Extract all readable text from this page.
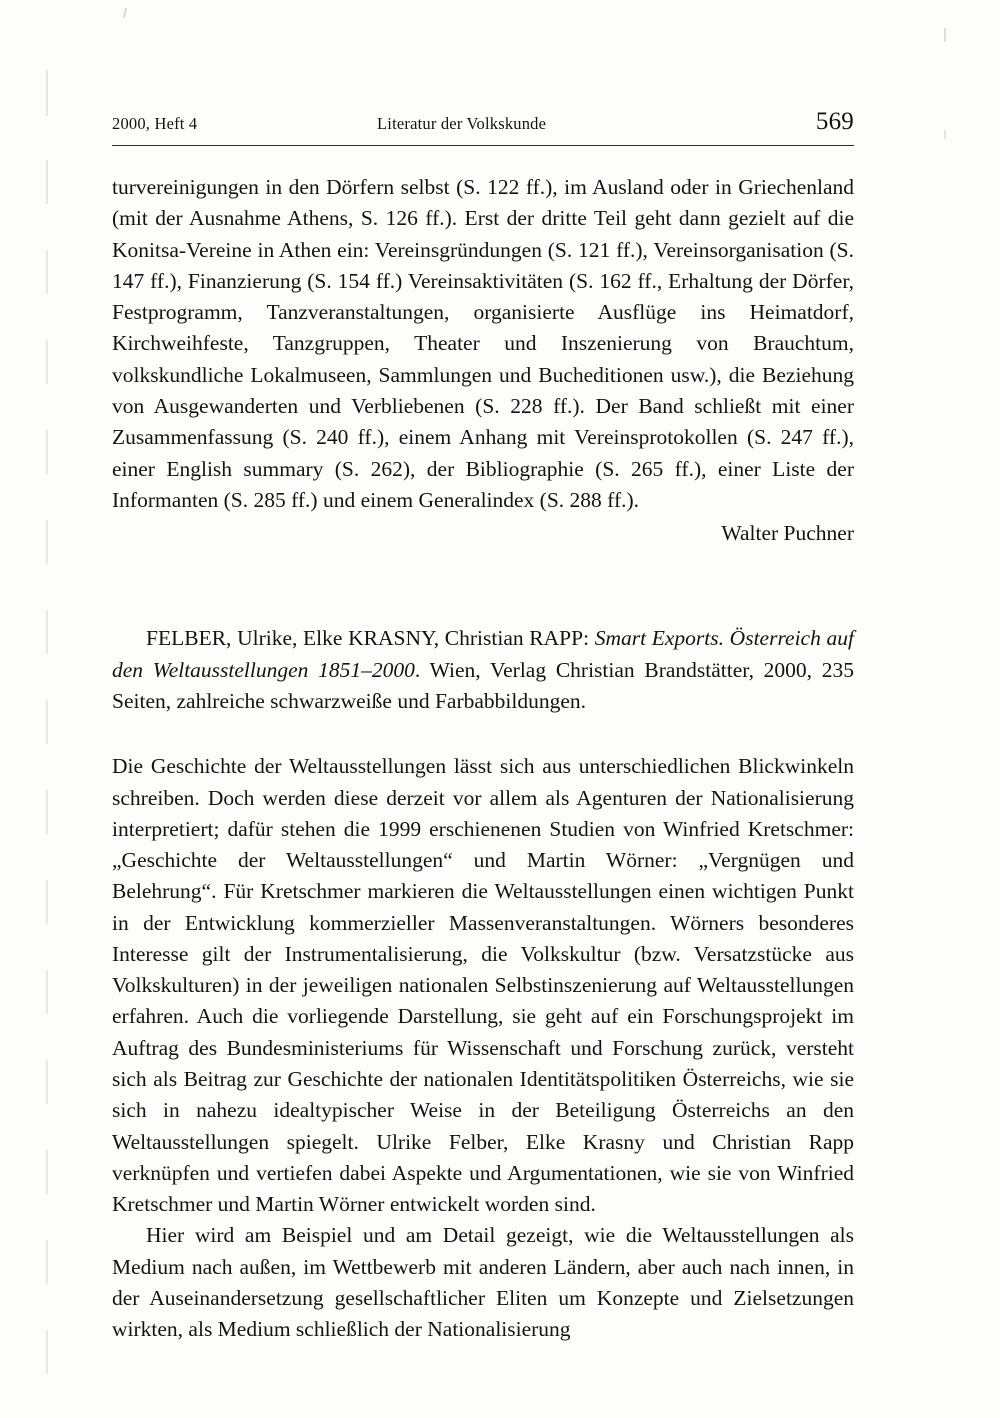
2000, Heft 4	Literatur der Volkskunde	569

turvereinigungen in den Dörfern selbst (S. 122 ff.), im Ausland oder in Griechenland (mit der Ausnahme Athens, S. 126 ff.). Erst der dritte Teil geht dann gezielt auf die Konitsa-Vereine in Athen ein: Vereinsgründungen (S. 121 ff.), Vereinsorganisation (S. 147 ff.), Finanzierung (S. 154 ff.) Vereinsaktivitäten (S. 162 ff., Erhaltung der Dörfer, Festprogramm, Tanzveranstaltungen, organisierte Ausflüge ins Heimatdorf, Kirchweihfeste, Tanzgruppen, Theater und Inszenierung von Brauchtum, volkskundliche Lokalmuseen, Sammlungen und Bucheditionen usw.), die Beziehung von Ausgewanderten und Verbliebenen (S. 228 ff.). Der Band schließt mit einer Zusammenfassung (S. 240 ff.), einem Anhang mit Vereinsprotokollen (S. 247 ff.), einer English summary (S. 262), der Bibliographie (S. 265 ff.), einer Liste der Informanten (S. 285 ff.) und einem Generalindex (S. 288 ff.).

Walter Puchner
FELBER, Ulrike, Elke KRASNY, Christian RAPP: Smart Exports. Österreich auf den Weltausstellungen 1851–2000. Wien, Verlag Christian Brandstätter, 2000, 235 Seiten, zahlreiche schwarzweiße und Farbabbildungen.

Die Geschichte der Weltausstellungen lässt sich aus unterschiedlichen Blickwinkeln schreiben. Doch werden diese derzeit vor allem als Agenturen der Nationalisierung interpretiert; dafür stehen die 1999 erschienenen Studien von Winfried Kretschmer: „Geschichte der Weltausstellungen“ und Martin Wörner: „Vergnügen und Belehrung“. Für Kretschmer markieren die Weltausstellungen einen wichtigen Punkt in der Entwicklung kommerzieller Massenveranstaltungen. Wörners besonderes Interesse gilt der Instrumentalisierung, die Volkskultur (bzw. Versatzstücke aus Volkskulturen) in der jeweiligen nationalen Selbstinszenierung auf Weltausstellungen erfahren. Auch die vorliegende Darstellung, sie geht auf ein Forschungsprojekt im Auftrag des Bundesministeriums für Wissenschaft und Forschung zurück, versteht sich als Beitrag zur Geschichte der nationalen Identitätspolitiken Österreichs, wie sie sich in nahezu idealtypischer Weise in der Beteiligung Österreichs an den Weltausstellungen spiegelt. Ulrike Felber, Elke Krasny und Christian Rapp verknüpfen und vertiefen dabei Aspekte und Argumentationen, wie sie von Winfried Kretschmer und Martin Wörner entwickelt worden sind.

Hier wird am Beispiel und am Detail gezeigt, wie die Weltausstellungen als Medium nach außen, im Wettbewerb mit anderen Ländern, aber auch nach innen, in der Auseinandersetzung gesellschaftlicher Eliten um Konzepte und Zielsetzungen wirkten, als Medium schließlich der Nationalisierung
